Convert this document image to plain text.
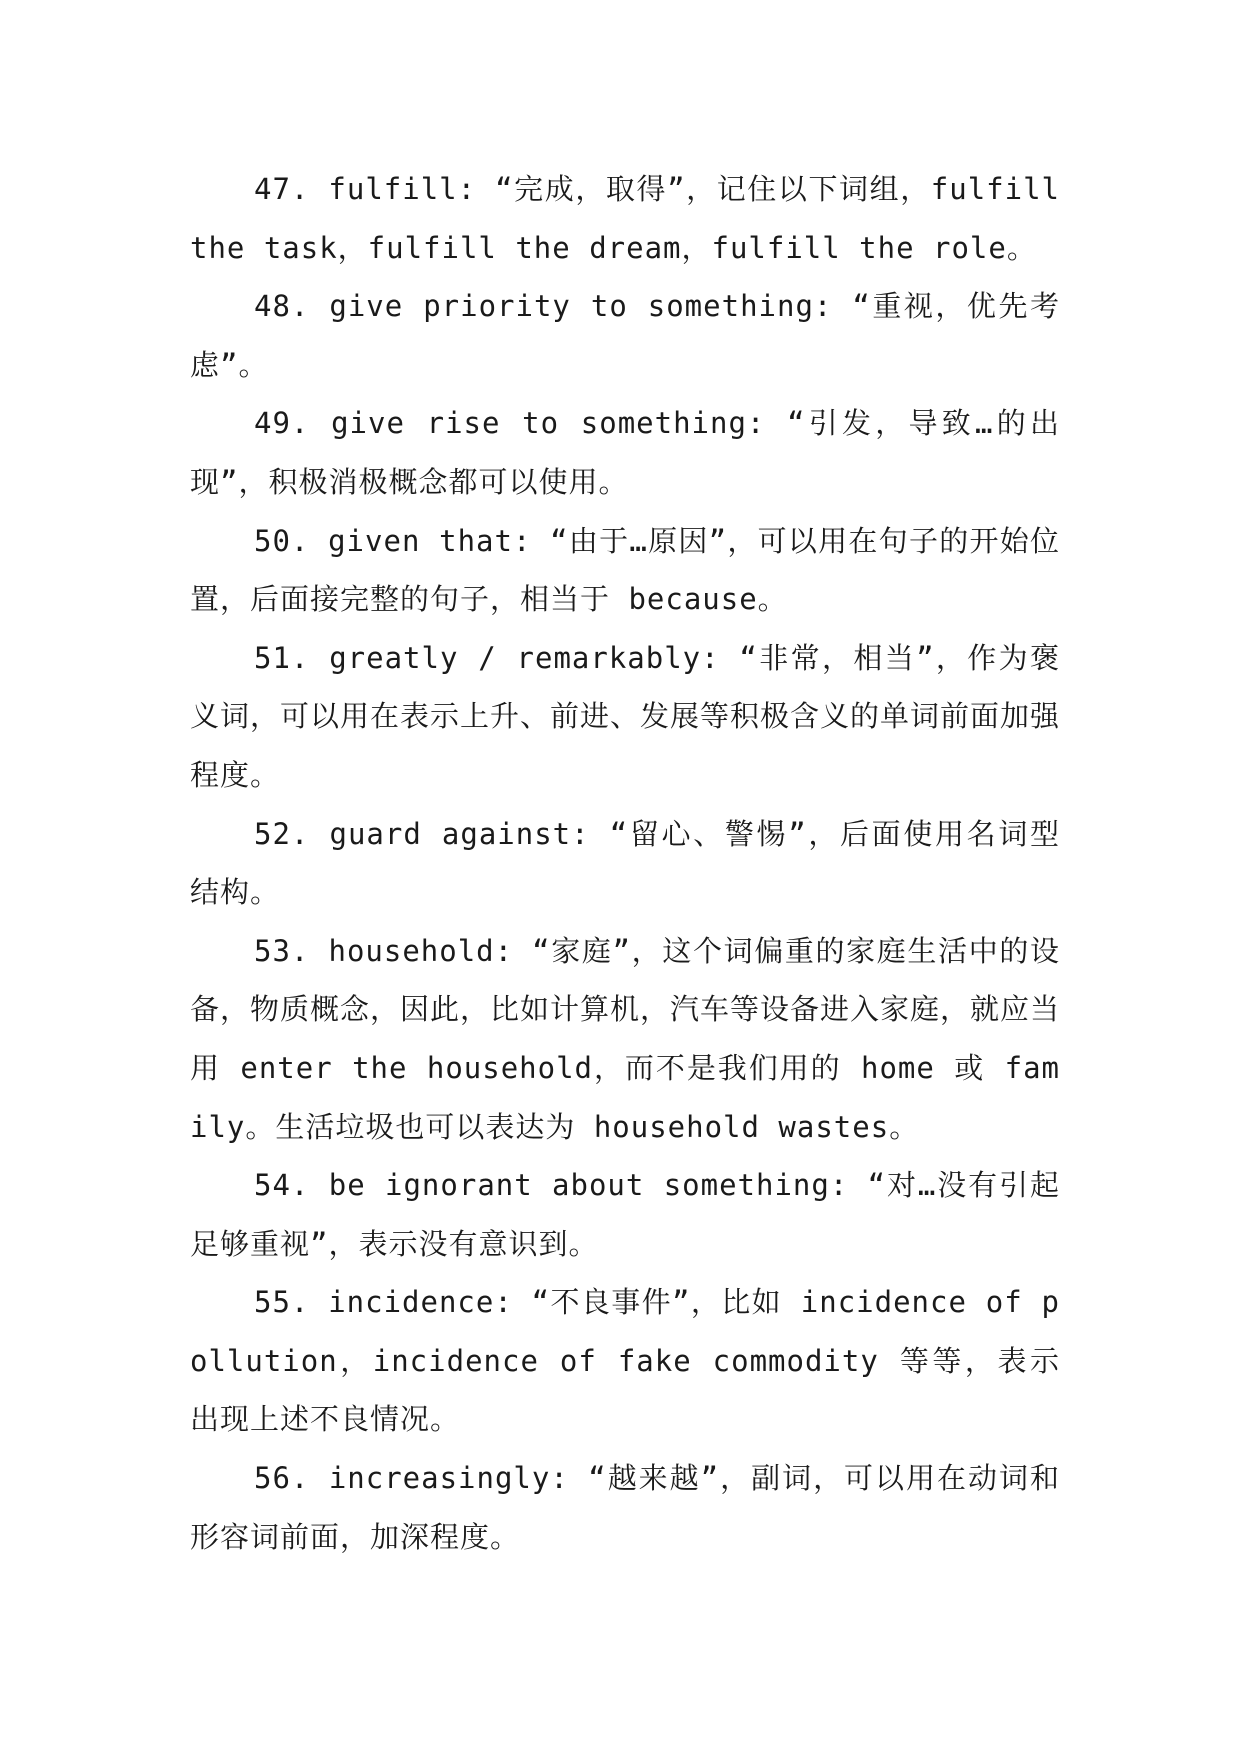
47. fulfill: “完成，取得”，记住以下词组，fulfill the task，fulfill the dream，fulfill the role。

48. give priority to something: “重视，优先考虑”。

49. give rise to something: “引发，导致…的出现”，积极消极概念都可以使用。

50. given that: “由于…原因”，可以用在句子的开始位置，后面接完整的句子，相当于 because。

51. greatly / remarkably: “非常，相当”，作为褒义词，可以用在表示上升、前进、发展等积极含义的单词前面加强程度。

52. guard against: “留心、警惕”，后面使用名词型结构。

53. household: “家庭”，这个词偏重的家庭生活中的设备，物质概念，因此，比如计算机，汽车等设备进入家庭，就应当用 enter the household，而不是我们用的 home 或 family。生活垃圾也可以表达为 household wastes。

54. be ignorant about something: “对…没有引起足够重视”，表示没有意识到。

55. incidence: “不良事件”，比如 incidence of pollution，incidence of fake commodity 等等，表示出现上述不良情况。

56. increasingly: “越来越”，副词，可以用在动词和形容词前面，加深程度。
